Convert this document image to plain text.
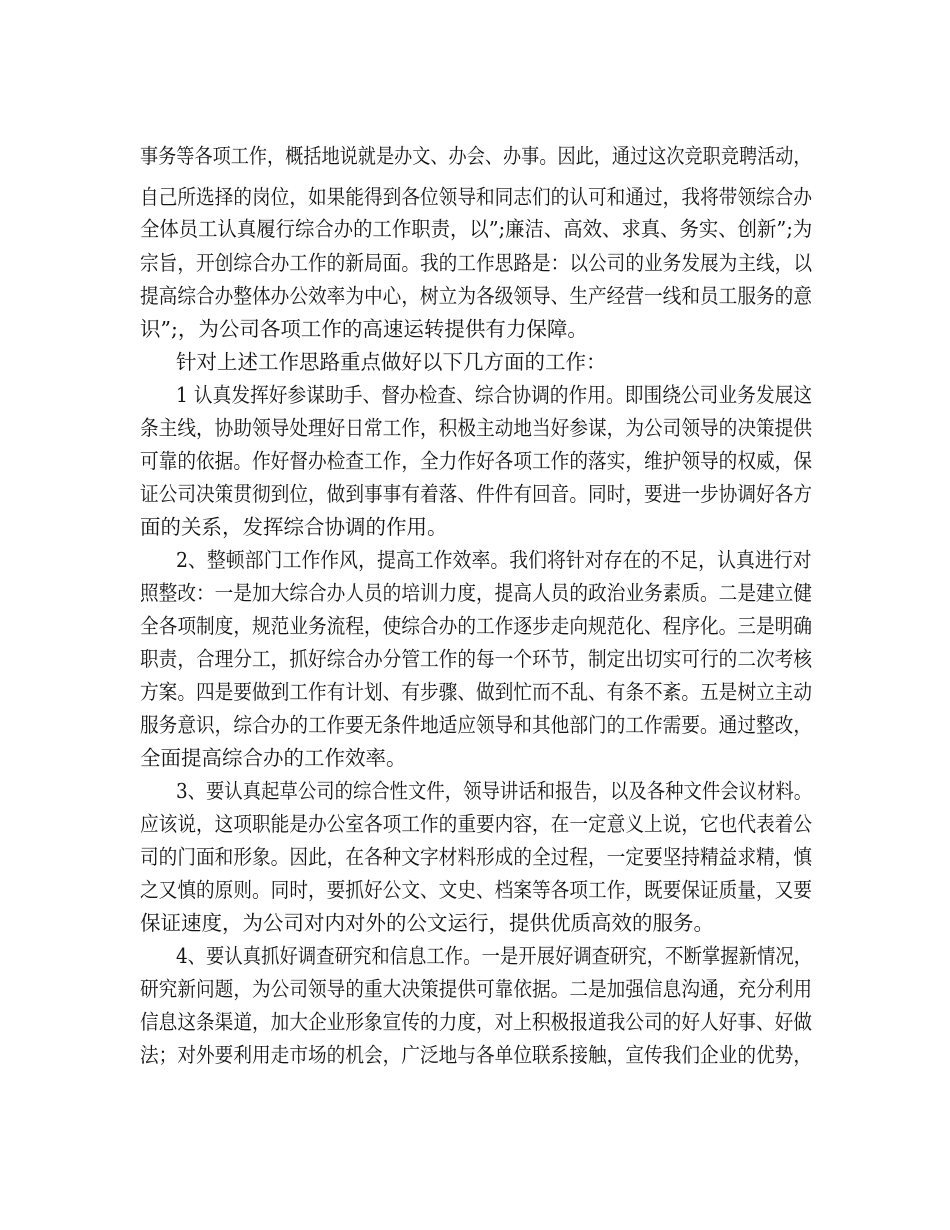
事务等各项工作，概括地说就是办文、办会、办事。因此，通过这次竞职竞聘活动，
自己所选择的岗位，如果能得到各位领导和同志们的认可和通过，我将带领综合办
全体员工认真履行综合办的工作职责，以”;廉洁、高效、求真、务实、创新”;为
宗旨，开创综合办工作的新局面。我的工作思路是：以公司的业务发展为主线，以
提高综合办整体办公效率为中心，树立为各级领导、生产经营一线和员工服务的意
识”;，为公司各项工作的高速运转提供有力保障。
针对上述工作思路重点做好以下几方面的工作：
1 认真发挥好参谋助手、督办检查、综合协调的作用。即围绕公司业务发展这
条主线，协助领导处理好日常工作，积极主动地当好参谋，为公司领导的决策提供
可靠的依据。作好督办检查工作，全力作好各项工作的落实，维护领导的权威，保
证公司决策贯彻到位，做到事事有着落、件件有回音。同时，要进一步协调好各方
面的关系，发挥综合协调的作用。
2、整顿部门工作作风，提高工作效率。我们将针对存在的不足，认真进行对
照整改：一是加大综合办人员的培训力度，提高人员的政治业务素质。二是建立健
全各项制度，规范业务流程，使综合办的工作逐步走向规范化、程序化。三是明确
职责，合理分工，抓好综合办分管工作的每一个环节，制定出切实可行的二次考核
方案。四是要做到工作有计划、有步骤、做到忙而不乱、有条不紊。五是树立主动
服务意识，综合办的工作要无条件地适应领导和其他部门的工作需要。通过整改，
全面提高综合办的工作效率。
3、要认真起草公司的综合性文件，领导讲话和报告，以及各种文件会议材料。
应该说，这项职能是办公室各项工作的重要内容，在一定意义上说，它也代表着公
司的门面和形象。因此，在各种文字材料形成的全过程，一定要坚持精益求精，慎
之又慎的原则。同时，要抓好公文、文史、档案等各项工作，既要保证质量，又要
保证速度，为公司对内对外的公文运行，提供优质高效的服务。
4、要认真抓好调查研究和信息工作。一是开展好调查研究，不断掌握新情况，
研究新问题，为公司领导的重大决策提供可靠依据。二是加强信息沟通，充分利用
信息这条渠道，加大企业形象宣传的力度，对上积极报道我公司的好人好事、好做
法；对外要利用走市场的机会，广泛地与各单位联系接触，宣传我们企业的优势，
